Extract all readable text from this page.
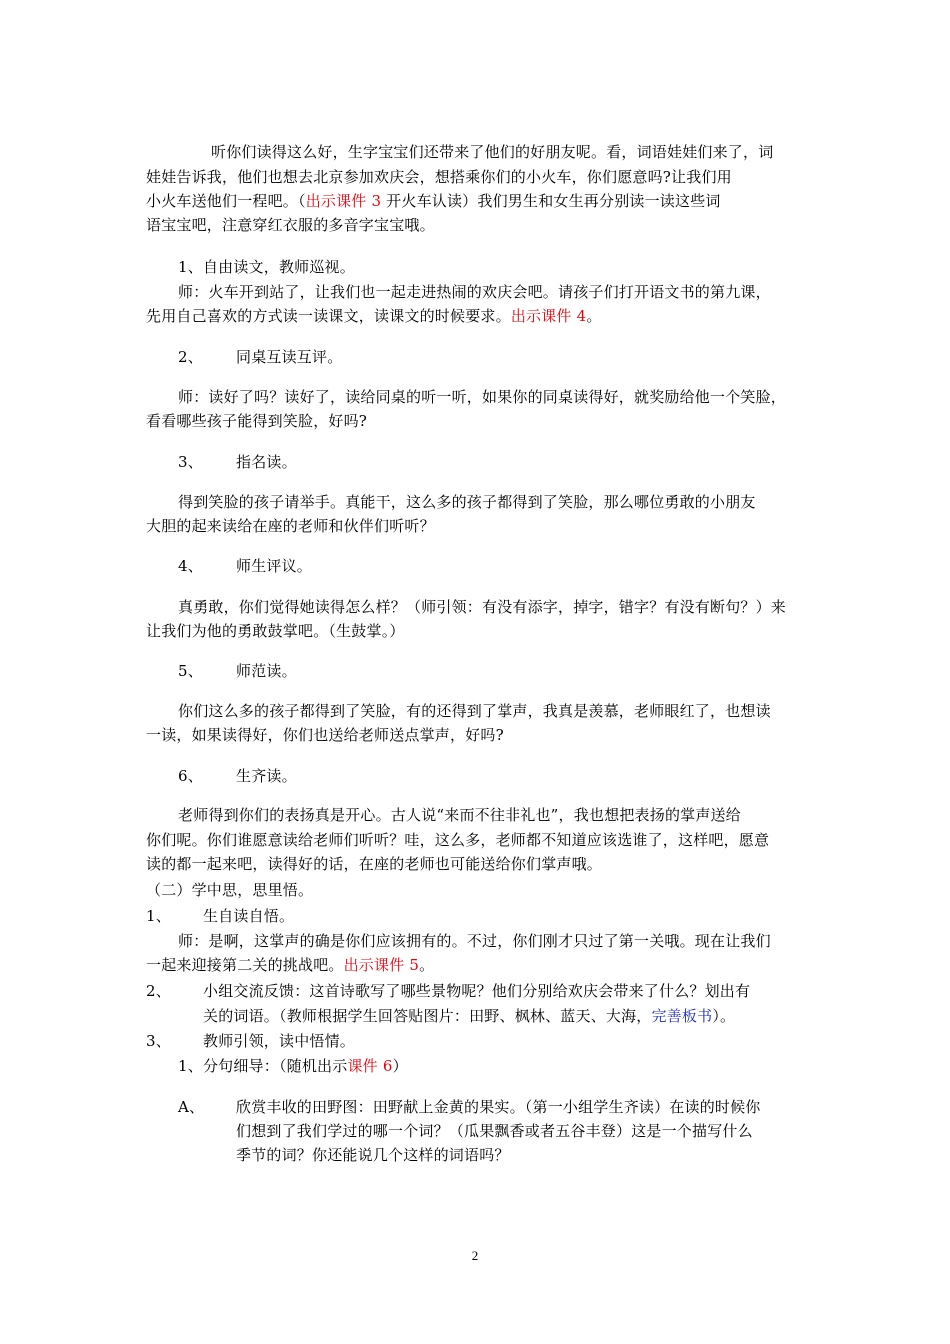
听你们读得这么好，生字宝宝们还带来了他们的好朋友呢。看，词语娃娃们来了，词
娃娃告诉我，他们也想去北京参加欢庆会，想搭乘你们的小火车，你们愿意吗?让我们用
小火车送他们一程吧。（出示课件 3 开火车认读）我们男生和女生再分别读一读这些词
语宝宝吧，注意穿红衣服的多音字宝宝哦。
1、自由读文，教师巡视。
师：火车开到站了，让我们也一起走进热闹的欢庆会吧。请孩子们打开语文书的第九课，
先用自己喜欢的方式读一读课文，读课文的时候要求。出示课件 4。
2、 同桌互读互评。
师：读好了吗？读好了，读给同桌的听一听，如果你的同桌读得好，就奖励给他一个笑脸，
看看哪些孩子能得到笑脸，好吗?
3、 指名读。
得到笑脸的孩子请举手。真能干，这么多的孩子都得到了笑脸，那么哪位勇敢的小朋友
大胆的起来读给在座的老师和伙伴们听听？
4、 师生评议。
真勇敢，你们觉得她读得怎么样？（师引领：有没有添字，掉字，错字？有没有断句？）来
让我们为他的勇敢鼓掌吧。（生鼓掌。）
5、 师范读。
你们这么多的孩子都得到了笑脸，有的还得到了掌声，我真是羡慕，老师眼红了，也想读
一读，如果读得好，你们也送给老师送点掌声，好吗?
6、 生齐读。
老师得到你们的表扬真是开心。古人说“来而不往非礼也”，我也想把表扬的掌声送给
你们呢。你们谁愿意读给老师们听听？哇，这么多，老师都不知道应该选谁了，这样吧，愿意
读的都一起来吧，读得好的话，在座的老师也可能送给你们掌声哦。
（二）学中思，思里悟。
1、 生自读自悟。
师：是啊，这掌声的确是你们应该拥有的。不过，你们刚才只过了第一关哦。现在让我们
一起来迎接第二关的挑战吧。出示课件 5。
2、 小组交流反馈：这首诗歌写了哪些景物呢？他们分别给欢庆会带来了什么？划出有
关的词语。（教师根据学生回答贴图片：田野、枫林、蓝天、大海，完善板书）。
3、 教师引领，读中悟情。
1、分句细导：（随机出示课件 6）
A、 欣赏丰收的田野图：田野献上金黄的果实。（第一小组学生齐读）在读的时候你
们想到了我们学过的哪一个词？（瓜果飘香或者五谷丰登）这是一个描写什么
季节的词？你还能说几个这样的词语吗？
2
